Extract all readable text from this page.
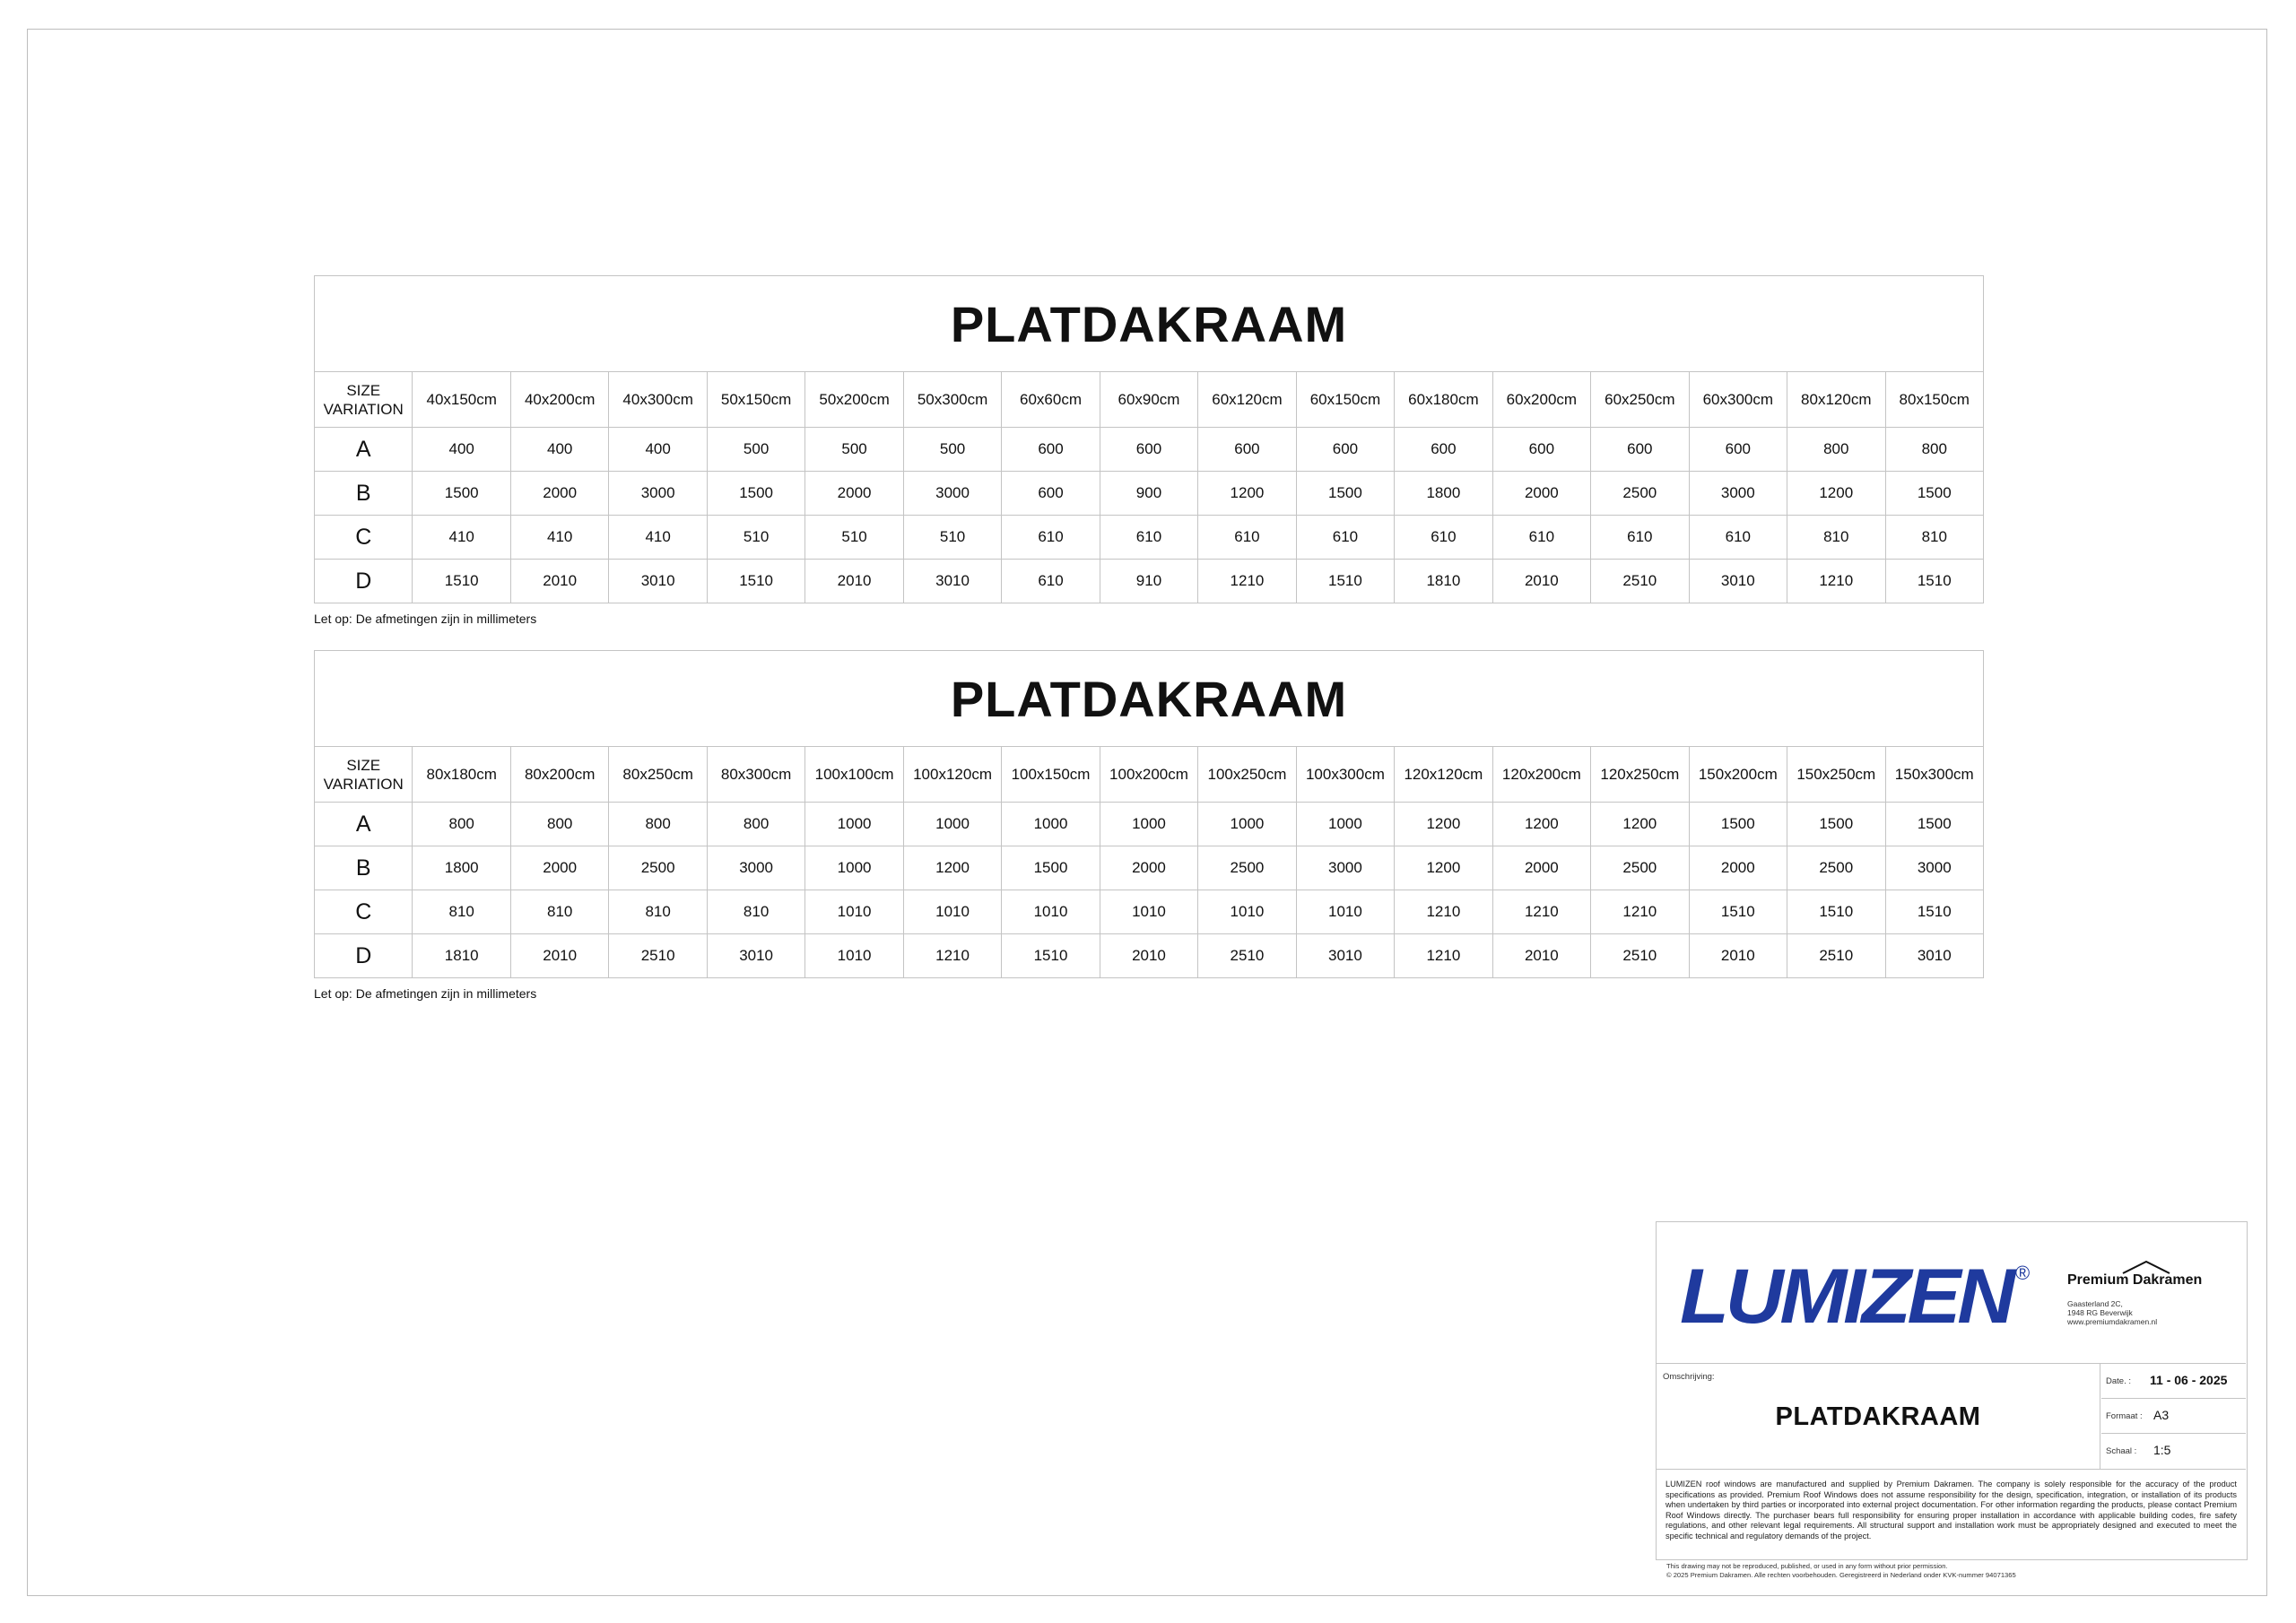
PLATDAKRAAM																

SIZE
VARIATION	40x150cm	40x200cm	40x300cm	50x150cm	50x200cm	50x300cm	60x60cm	60x90cm	60x120cm	60x150cm	60x180cm	60x200cm	60x250cm	60x300cm	80x120cm	80x150cm
A	400	400	400	500	500	500	600	600	600	600	600	600	600	600	800	800
B	1500	2000	3000	1500	2000	3000	600	900	1200	1500	1800	2000	2500	3000	1200	1500
C	410	410	410	510	510	510	610	610	610	610	610	610	610	610	810	810
D	1510	2010	3010	1510	2010	3010	610	910	1210	1510	1810	2010	2510	3010	1210	1510
Let op: De afmetingen zijn in millimeters
PLATDAKRAAM																

SIZE
VARIATION	80x180cm	80x200cm	80x250cm	80x300cm	100x100cm	100x120cm	100x150cm	100x200cm	100x250cm	100x300cm	120x120cm	120x200cm	120x250cm	150x200cm	150x250cm	150x300cm
A	800	800	800	800	1000	1000	1000	1000	1000	1000	1200	1200	1200	1500	1500	1500
B	1800	2000	2500	3000	1000	1200	1500	2000	2500	3000	1200	2000	2500	2000	2500	3000
C	810	810	810	810	1010	1010	1010	1010	1010	1010	1210	1210	1210	1510	1510	1510
D	1810	2010	2510	3010	1010	1210	1510	2010	2510	3010	1210	2010	2510	2010	2510	3010
Let op: De afmetingen zijn in millimeters
LUMIZEN
®	Premium Dakramen
Gaasterland 2C,
1948 RG Beverwijk
www.premiumdakramen.nl
Omschrijving:
PLATDAKRAAM
Date. : 11 - 06 - 2025
Formaat : A3
Schaal : 1:5
LUMIZEN roof windows are manufactured and supplied by Premium Dakramen. The company is solely responsible for the accuracy of the product specifications as provided. Premium Roof Windows does not assume responsibility for the design, specification, integration, or installation of its products when undertaken by third parties or incorporated into external project documentation. For other information regarding the products, please contact Premium Roof Windows directly. The purchaser bears full responsibility for ensuring proper installation in accordance with applicable building codes, fire safety regulations, and other relevant legal requirements. All structural support and installation work must be appropriately designed and executed to meet the specific technical and regulatory demands of the project.
This drawing may not be reproduced, published, or used in any form without prior permission.
© 2025 Premium Dakramen. Alle rechten voorbehouden. Geregistreerd in Nederland onder KVK-nummer 94071365
